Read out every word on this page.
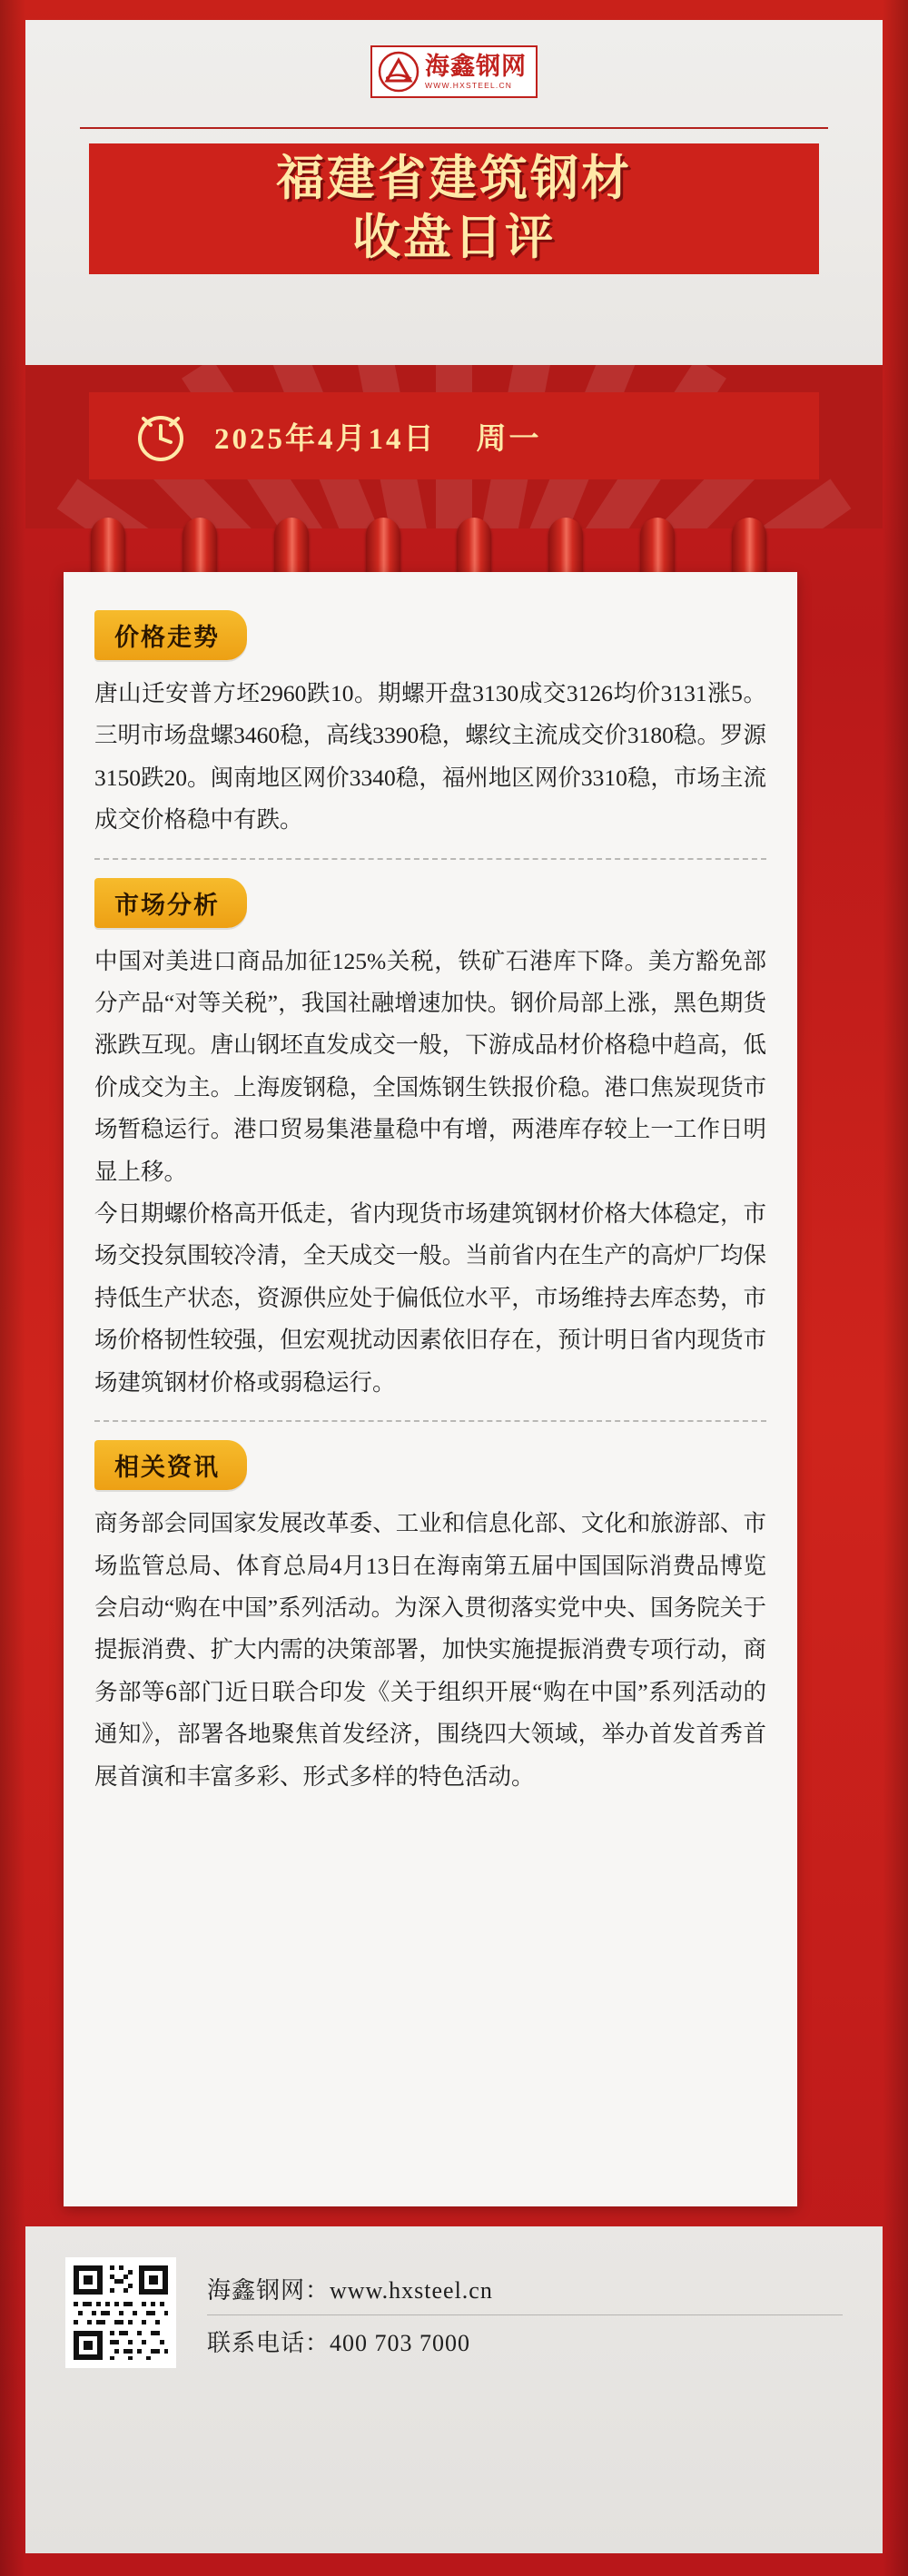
海鑫钢网
WWW.HXSTEEL.CN
福建省建筑钢材
收盘日评
2025年4月14日 周一
价格走势

唐山迁安普方坯2960跌10。期螺开盘3130成交3126均价3131涨5。三明市场盘螺3460稳，高线3390稳，螺纹主流成交价3180稳。罗源3150跌20。闽南地区网价3340稳，福州地区网价3310稳，市场主流成交价格稳中有跌。

市场分析

中国对美进口商品加征125%关税，铁矿石港库下降。美方豁免部分产品“对等关税”，我国社融增速加快。钢价局部上涨，黑色期货涨跌互现。唐山钢坯直发成交一般，下游成品材价格稳中趋高，低价成交为主。上海废钢稳，全国炼钢生铁报价稳。港口焦炭现货市场暂稳运行。港口贸易集港量稳中有增，两港库存较上一工作日明显上移。

今日期螺价格高开低走，省内现货市场建筑钢材价格大体稳定，市场交投氛围较冷清，全天成交一般。当前省内在生产的高炉厂均保持低生产状态，资源供应处于偏低位水平，市场维持去库态势，市场价格韧性较强，但宏观扰动因素依旧存在，预计明日省内现货市场建筑钢材价格或弱稳运行。

相关资讯

商务部会同国家发展改革委、工业和信息化部、文化和旅游部、市场监管总局、体育总局4月13日在海南第五届中国国际消费品博览会启动“购在中国”系列活动。为深入贯彻落实党中央、国务院关于提振消费、扩大内需的决策部署，加快实施提振消费专项行动，商务部等6部门近日联合印发《关于组织开展“购在中国”系列活动的通知》，部署各地聚焦首发经济，围绕四大领域，举办首发首秀首展首演和丰富多彩、形式多样的特色活动。

海鑫钢网：www.hxsteel.cn
联系电话：400 703 7000
